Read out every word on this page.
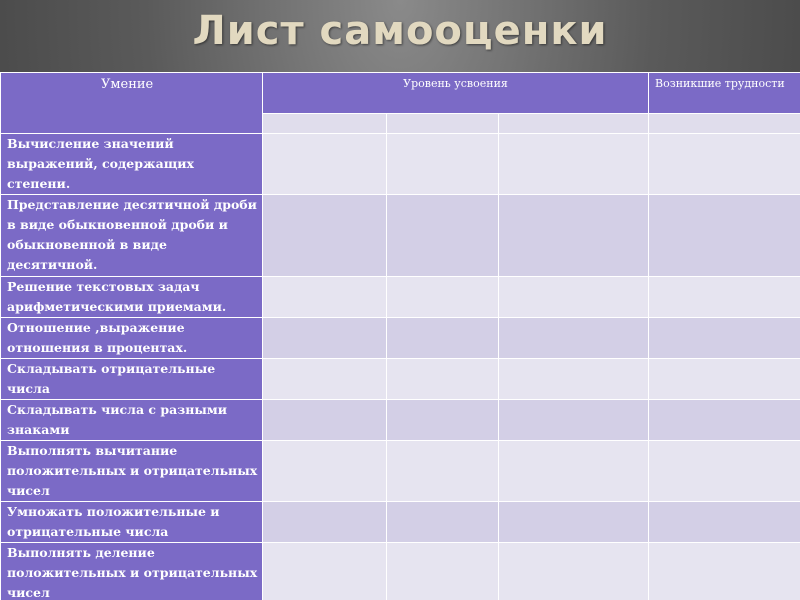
Лист самооценки
Умение	Уровень усвоения			Возникшие трудности

Вычисление значений выражений, содержащих степени.				
Представление десятичной дроби в виде обыкновенной дроби и обыкновенной в виде десятичной.				
Решение текстовых задач арифметическими приемами.				
Отношение ,выражение отношения в процентах.				
Складывать отрицательные числа				
Складывать числа с разными знаками				
Выполнять вычитание положительных и отрицательных чисел				
Умножать положительные и отрицательные числа				
Выполнять деление положительных и отрицательных чисел				
